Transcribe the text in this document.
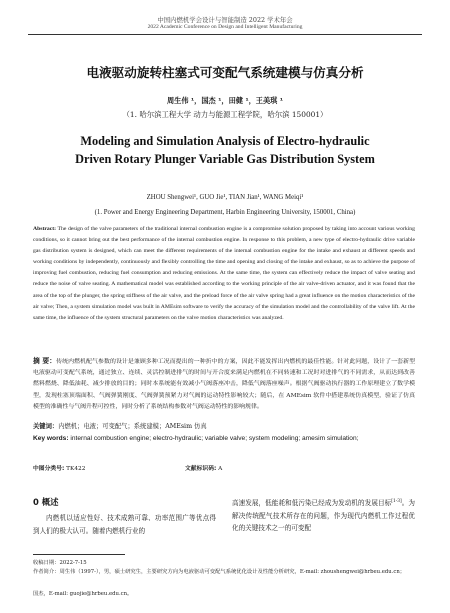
中国内燃机学会设计与智能制造 2022 学术年会
2022 Academic Conference on Design and Intelligent Manufacturing
电液驱动旋转柱塞式可变配气系统建模与仿真分析
周生伟 ¹，国杰 ¹，田健 ¹，王美琪 ¹
（1. 哈尔滨工程大学 动力与能源工程学院，哈尔滨 150001）
Modeling and Simulation Analysis of Electro-hydraulic Driven Rotary Plunger Variable Gas Distribution System
ZHOU Shengwei¹, GUO Jie¹, TIAN Jian¹, WANG Meiqi¹
(1. Power and Energy Engineering Department, Harbin Engineering University, 150001, China)
Abstract: The design of the valve parameters of the traditional internal combustion engine is a compromise solution proposed by taking into account various working conditions, so it cannot bring out the best performance of the internal combustion engine. In response to this problem, a new type of electro-hydraulic drive variable gas distribution system is designed, which can meet the different requirements of the internal combustion engine for the intake and exhaust at different speeds and working conditions by independently, continuously and flexibly controlling the time and opening and closing of the intake and exhaust, so as to achieve the purpose of improving fuel combustion, reducing fuel consumption and reducing emissions. At the same time, the system can effectively reduce the impact of valve seating and reduce the noise of valve seating. A mathematical model was established according to the working principle of the air valve-driven actuator, and it was found that the area of the top of the plunger, the spring stiffness of the air valve, and the preload force of the air valve spring had a great influence on the motion characteristics of the air valve; Then, a system simulation model was built in AMEsim software to verify the accuracy of the simulation model and the controllability of the valve lift. At the same time, the influence of the system structural parameters on the valve motion characteristics was analyzed.
摘 要：传统内燃机配气参数的设计是兼顾多种工况而提出的一种折中的方案，因此不能发挥出内燃机的最佳性能。针对此问题，设计了一套新型电液驱动可变配气系统，通过独立、连续、灵活控制进排气的时间与开合度来满足内燃机在不同转速和工况时对进排气的不同需求，从而达到改善燃料燃烧、降低油耗、减少排放的目的；同时本系统能有效减小气阀落座冲击，降低气阀落座噪声。根据气阀驱动执行器的工作原理建立了数学模型，发现柱塞顶端面积、气阀弹簧刚度、气阀弹簧预紧力对气阀的运动特性影响较大；随后，在 AMEsim 软件中搭建系统仿真模型，验证了仿真模型的准确性与气阀升程可控性，同时分析了系统结构参数对气阀运动特性的影响规律。
关键词：内燃机；电液；可变配气；系统建模；AMEsim 仿真
Key words: internal combustion engine; electro-hydraulic; variable valve; system modeling; amesim simulation;
中图分类号: TK422	文献标识码: A
0 概述
内燃机以适应性好、技术成熟可靠、功率范围广等优点得到人们的极大认可。随着内燃机行业的
高速发展，低能耗和低污染已经成为发动机的发展目标[1-3]。为解决传统配气技术所存在的问题，作为现代内燃机工作过程优化的关键技术之一的可变配
收稿日期：2022-7-15
作者简介：周生伟（1997-），男，硕士研究生，主要研究方向为电液驱动可变配气系统优化设计及性能分析研究，E-mail: zhoushengwei@hrbeu.edu.cn；
国杰，E-mail: guojie@hrbeu.edu.cn。
